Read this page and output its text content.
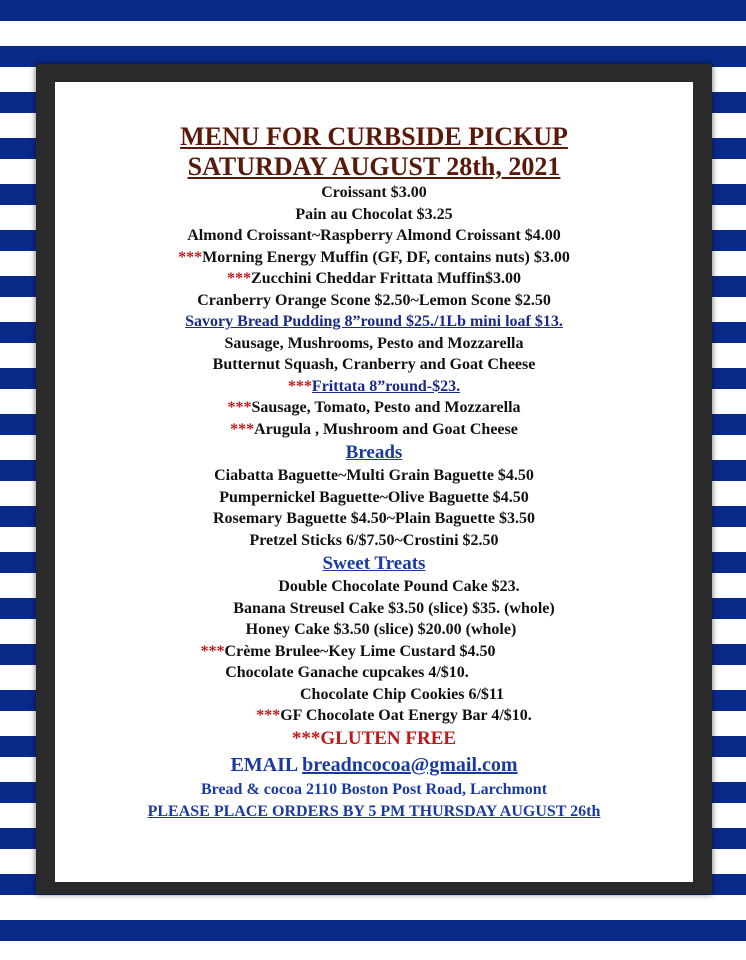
MENU FOR CURBSIDE PICKUP
SATURDAY AUGUST 28th, 2021
Croissant $3.00
Pain au Chocolat $3.25
Almond Croissant~Raspberry Almond Croissant $4.00
***Morning Energy Muffin (GF, DF, contains nuts) $3.00
***Zucchini Cheddar Frittata Muffin$3.00
Cranberry Orange Scone $2.50~Lemon Scone $2.50
Savory Bread Pudding 8”round $25./1Lb mini loaf $13.
Sausage, Mushrooms, Pesto and Mozzarella
Butternut Squash, Cranberry and Goat Cheese
***Frittata 8”round-$23.
***Sausage, Tomato, Pesto and Mozzarella
***Arugula , Mushroom and Goat Cheese
Breads
Ciabatta Baguette~Multi Grain Baguette $4.50
Pumpernickel Baguette~Olive Baguette $4.50
Rosemary Baguette $4.50~Plain Baguette $3.50
Pretzel Sticks 6/$7.50~Crostini $2.50
Sweet Treats
Double Chocolate Pound Cake $23.
Banana Streusel Cake $3.50 (slice) $35. (whole)
Honey Cake $3.50 (slice) $20.00 (whole)
***Crème Brulee~Key Lime Custard $4.50
Chocolate Ganache cupcakes 4/$10.
Chocolate Chip Cookies 6/$11
***GF Chocolate Oat Energy Bar 4/$10.
***GLUTEN FREE
EMAIL breadncocoa@gmail.com
Bread & cocoa 2110 Boston Post Road, Larchmont
PLEASE PLACE ORDERS BY 5 PM THURSDAY AUGUST 26th
